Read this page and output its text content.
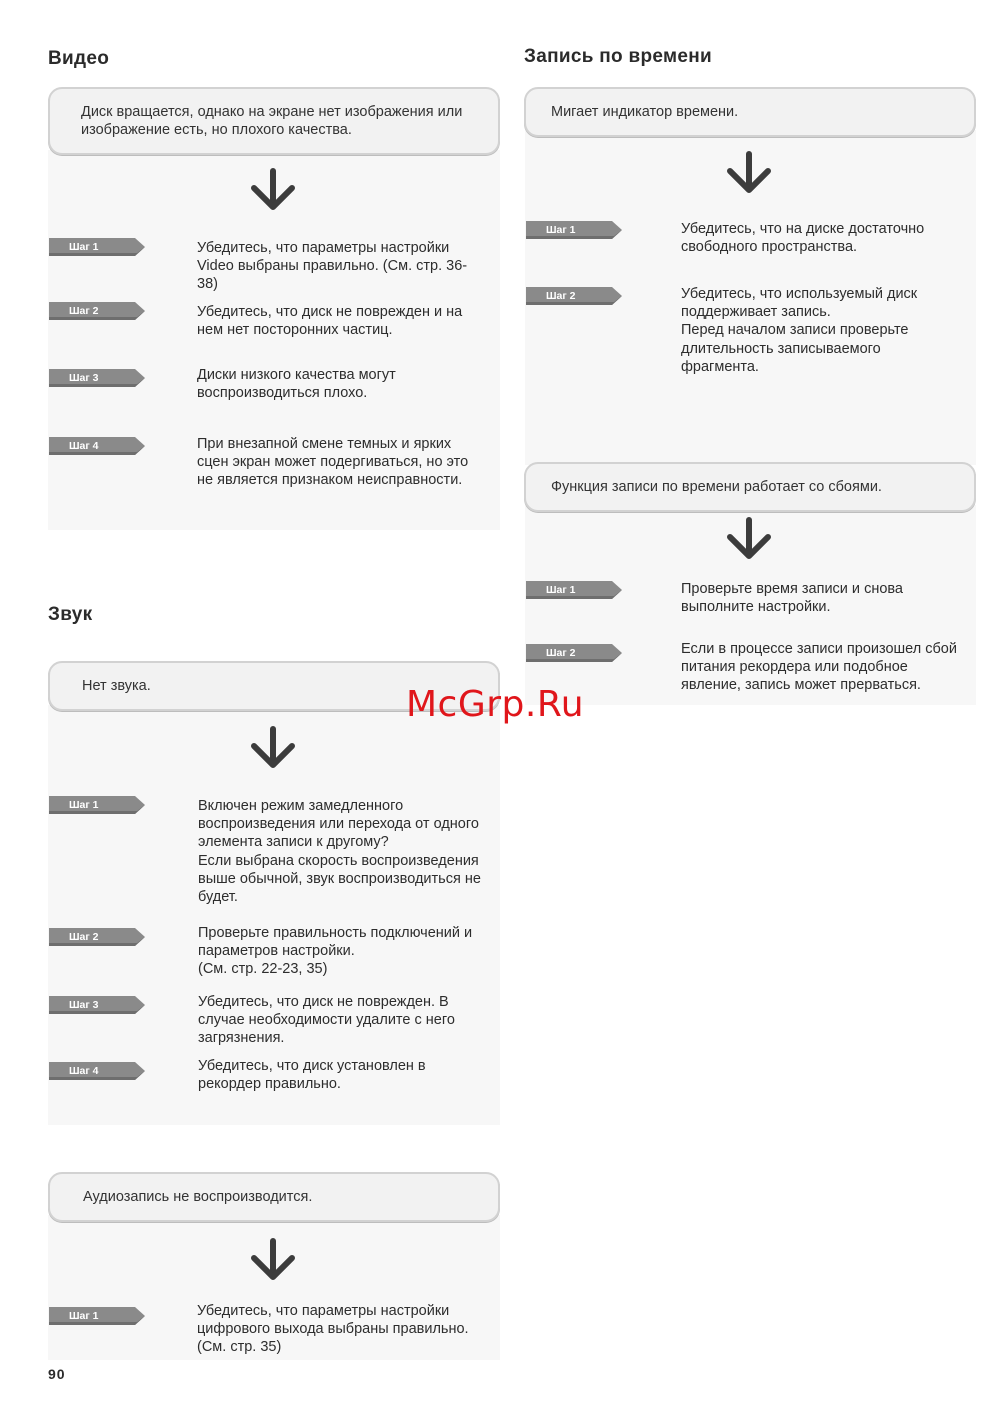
Видео
Диск вращается, однако на экране нет изображения или изображение есть, но плохого качества.
Шаг 1	Убедитесь, что параметры настройки
Video выбраны правильно. (См. стр. 36-
38)
Шаг 2	Убедитесь, что диск не поврежден и на
нем нет посторонних частиц.
Шаг 3	Диски низкого качества могут
воспроизводиться плохо.
Шаг 4	При внезапной смене темных и ярких
сцен экран может подергиваться, но это
не является признаком неисправности.
Звук
Нет звука.
Шаг 1	Включен режим замедленного
воспроизведения или перехода от одного
элемента записи к другому?
Если выбрана скорость воспроизведения
выше обычной, звук воспроизводиться не
будет.
Шаг 2	Проверьте правильность подключений и
параметров настройки.
(См. стр. 22-23, 35)
Шаг 3	Убедитесь, что диск не поврежден. В
случае необходимости удалите с него
загрязнения.
Шаг 4	Убедитесь, что диск установлен в
рекордер правильно.
Аудиозапись не воспроизводится.
Шаг 1	Убедитесь, что параметры настройки
цифрового выхода выбраны правильно.
(См. стр. 35)
Запись по времени
Мигает индикатор времени.
Шаг 1	Убедитесь, что на диске достаточно
свободного пространства.
Шаг 2	Убедитесь, что используемый диск
поддерживает запись.
Перед началом записи проверьте
длительность записываемого
фрагмента.
Функция записи по времени работает со сбоями.
Шаг 1	Проверьте время записи и снова
выполните настройки.
Шаг 2	Если в процессе записи произошел сбой
питания рекордера или подобное
явление, запись может прерваться.
McGrp.Ru
90
